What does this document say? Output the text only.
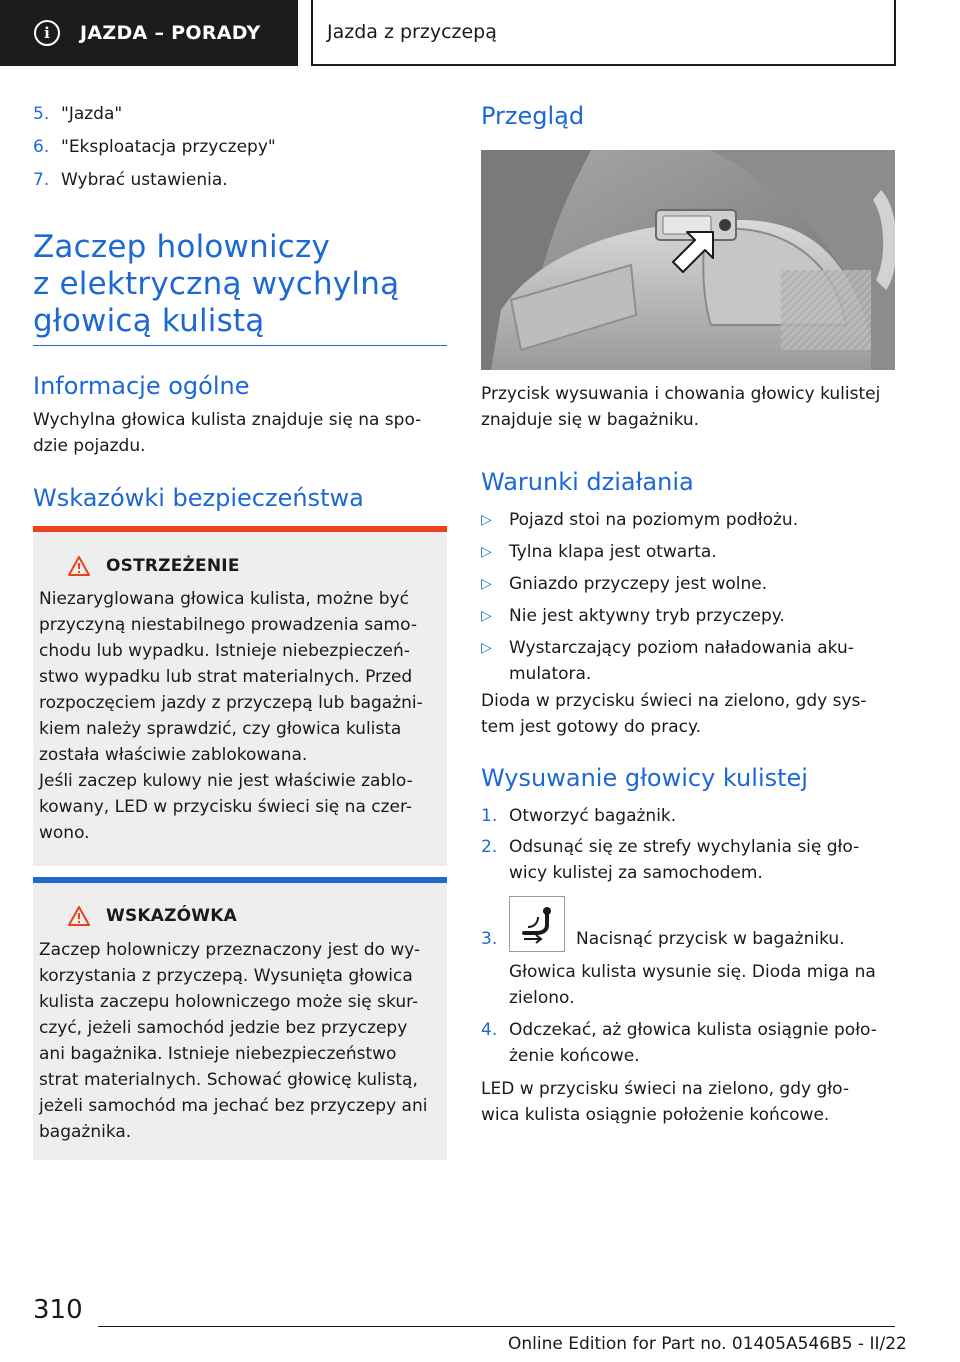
i	JAZDA – PORADY	Jazda z przyczepą
5. "Jazda"
6. "Eksploatacja przyczepy"
7. Wybrać ustawienia.
Zaczep holowniczy
z elektryczną wychylną
głowicą kulistą
Informacje ogólne
Wychylna głowica kulista znajduje się na spo-
dzie pojazdu.
Wskazówki bezpieczeństwa
OSTRZEŻENIE
Niezaryglowana głowica kulista, możne być
przyczyną niestabilnego prowadzenia samo-
chodu lub wypadku. Istnieje niebezpieczeń-
stwo wypadku lub strat materialnych. Przed
rozpoczęciem jazdy z przyczepą lub bagażni-
kiem należy sprawdzić, czy głowica kulista
została właściwie zablokowana.
Jeśli zaczep kulowy nie jest właściwie zablo-
kowany, LED w przycisku świeci się na czer-
wono.
WSKAZÓWKA
Zaczep holowniczy przeznaczony jest do wy-
korzystania z przyczepą. Wysunięta głowica
kulista zaczepu holowniczego może się skur-
czyć, jeżeli samochód jedzie bez przyczepy
ani bagażnika. Istnieje niebezpieczeństwo
strat materialnych. Schować głowicę kulistą,
jeżeli samochód ma jechać bez przyczepy ani
bagażnika.
Przegląd
Przycisk wysuwania i chowania głowicy kulistej
znajduje się w bagażniku.
Warunki działania
▷	Pojazd stoi na poziomym podłożu.
▷	Tylna klapa jest otwarta.
▷	Gniazdo przyczepy jest wolne.
▷	Nie jest aktywny tryb przyczepy.
▷	Wystarczający poziom naładowania aku-
mulatora.
Dioda w przycisku świeci na zielono, gdy sys-
tem jest gotowy do pracy.
Wysuwanie głowicy kulistej
1. Otworzyć bagażnik.
2. Odsunąć się ze strefy wychylania się gło-
wicy kulistej za samochodem.
3.	Nacisnąć przycisk w bagażniku.
Głowica kulista wysunie się. Dioda miga na
zielono.
4. Odczekać, aż głowica kulista osiągnie poło-
żenie końcowe.
LED w przycisku świeci na zielono, gdy gło-
wica kulista osiągnie położenie końcowe.
310
Online Edition for Part no. 01405A546B5 - II/22
